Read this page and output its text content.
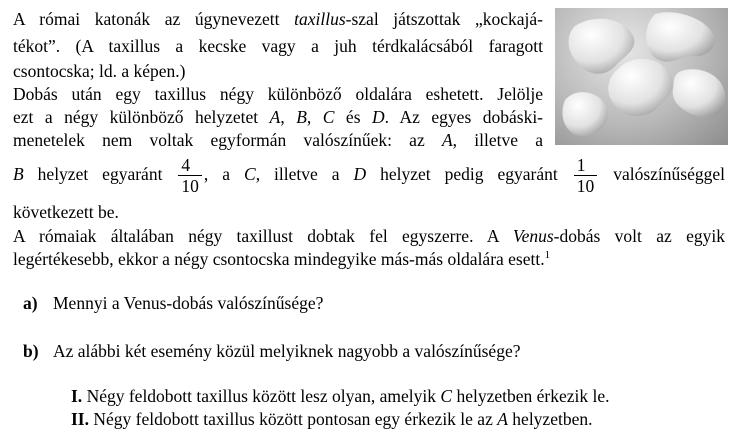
A római katonák az úgynevezett taxillus-szal játszottak „kockajá-
tékot”. (A taxillus a kecske vagy a juh térdkalácsából faragott
csontocska; ld. a képen.)
Dobás után egy taxillus négy különböző oldalára eshetett. Jelölje
ezt a négy különböző helyzetet A, B, C és D. Az egyes dobáski-
menetelek nem voltak egyformán valószínűek: az A, illetve a
B helyzet egyaránt $\frac{4}{10}$ , a C, illetve a D helyzet pedig egyaránt $\frac{1}{10}$ valószínűséggel
következett be.
A rómaiak általában négy taxillust dobtak fel egyszerre. A Venus-dobás volt az egyik
legértékesebb, ekkor a négy csontocska mindegyike más-más oldalára esett.$^1$
a) Mennyi a Venus-dobás valószínűsége?
b) Az alábbi két esemény közül melyiknek nagyobb a valószínűsége?
I. Négy feldobott taxillus között lesz olyan, amelyik C helyzetben érkezik le.
II. Négy feldobott taxillus között pontosan egy érkezik le az A helyzetben.
